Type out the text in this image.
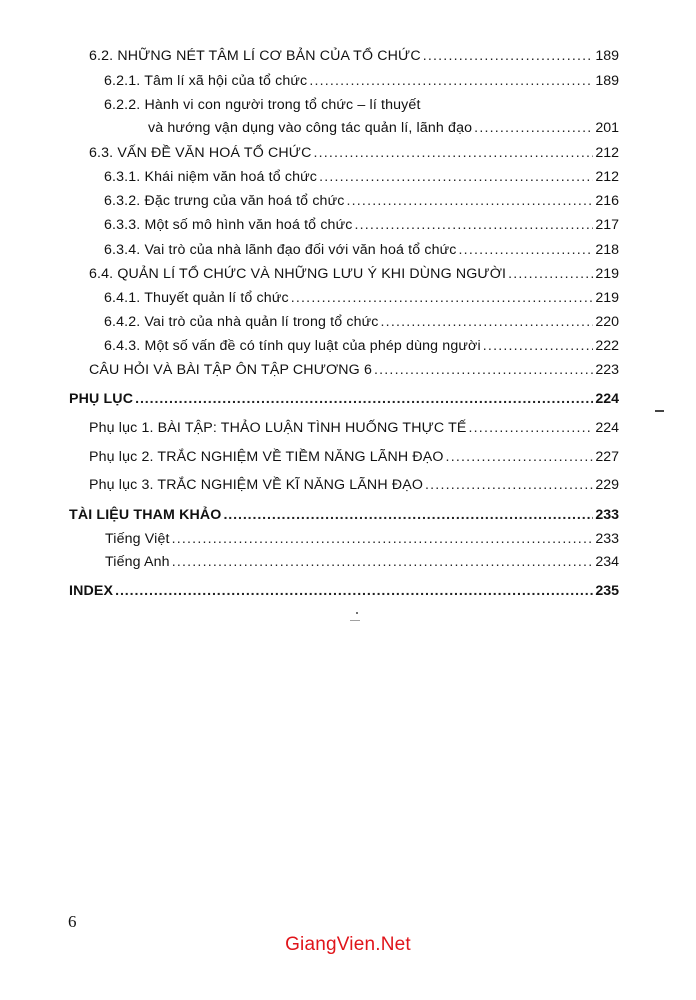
6.2. NHỮNG NÉT TÂM LÍ CƠ BẢN CỦA TỔ CHỨC .....	189
6.2.1. Tâm lí xã hội của tổ chức .....	189
6.2.2. Hành vi con người trong tổ chức – lí thuyết
và hướng vận dụng vào công tác quản lí, lãnh đạo .....	201
6.3. VẤN ĐỀ VĂN HOÁ TỔ CHỨC .....	212
6.3.1. Khái niệm văn hoá tổ chức .....	212
6.3.2. Đặc trưng của văn hoá tổ chức .....	216
6.3.3. Một số mô hình văn hoá tổ chức .....	217
6.3.4. Vai trò của nhà lãnh đạo đối với văn hoá tổ chức .....	218
6.4. QUẢN LÍ TỔ CHỨC VÀ NHỮNG LƯU Ý KHI DÙNG NGƯỜI .....	219
6.4.1. Thuyết quản lí tổ chức .....	219
6.4.2. Vai trò của nhà quản lí trong tổ chức .....	220
6.4.3. Một số vấn đề có tính quy luật của phép dùng người .....	222
CÂU HỎI VÀ BÀI TẬP ÔN TẬP CHƯƠNG 6 .....	223
PHỤ LỤC .....	224
Phụ lục 1. BÀI TẬP: THẢO LUẬN TÌNH HUỐNG THỰC TẾ .....	224
Phụ lục 2. TRẮC NGHIỆM VỀ TIỀM NĂNG LÃNH ĐẠO .....	227
Phụ lục 3. TRẮC NGHIỆM VỀ KĨ NĂNG LÃNH ĐẠO .....	229
TÀI LIỆU THAM KHẢO .....	233
Tiếng Việt .....	233
Tiếng Anh .....	234
INDEX .....	235
6
GiangVien.Net
